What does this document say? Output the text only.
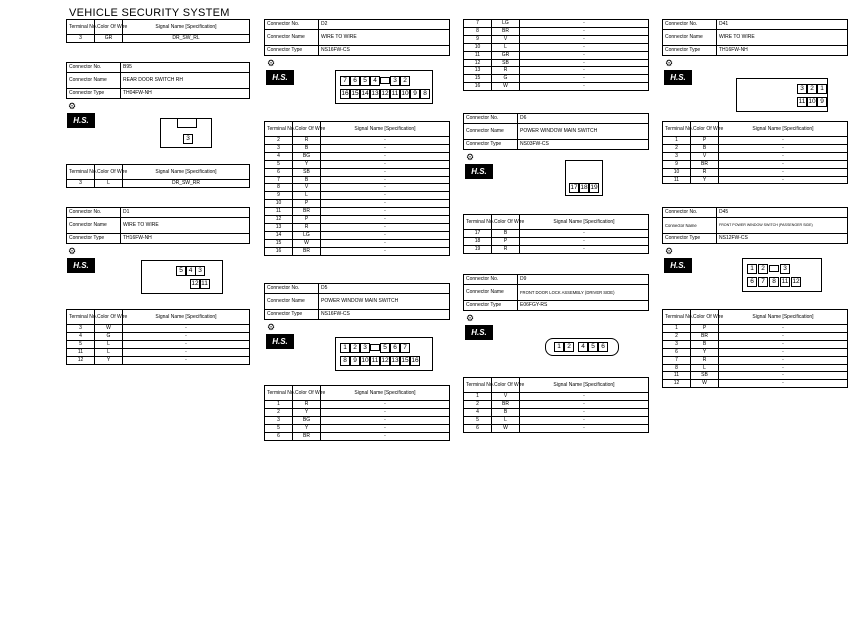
VEHICLE SECURITY SYSTEM
Terminal No.	Color Of Wire	Signal Name [Specification]
3	GR	DR_SW_RL
Connector No.	B95
Connector Name	REAR DOOR SWITCH RH
Connector Type	TH04FW-NH
⚙
H.S.
3
Terminal No.	Color Of Wire	Signal Name [Specification]
3	L	DR_SW_RR
Connector No.	D1
Connector Name	WIRE TO WIRE
Connector Type	TH16FW-NH
⚙
H.S.
5 4 3
12 11
Terminal No.	Color Of Wire	Signal Name [Specification]
3	W	-
4	G	-
5	L	-
11	L	-
12	Y	-
Connector No.	D2
Connector Name	WIRE TO WIRE
Connector Type	NS16FW-CS
⚙
H.S.	7 6 5 4	3 2
16 15 14 13 12 11 10 9 8
Terminal No.	Color Of Wire	Signal Name [Specification]
2	R	-
3	B	-
4	BG	-
5	Y	-
6	SB	-
7	B	-
8	V	-
9	L	-
10	P	-
11	BR	-
12	P	-
13	R	-
14	LG	-
15	W	-
16	BR	-
Connector No.	D5
Connector Name	POWER WINDOW MAIN SWITCH
Connector Type	NS16FW-CS
⚙
H.S.
1 2 3	5 6 7
8 9 10 11 12 13 15 16
Terminal No.	Color Of Wire	Signal Name [Specification]
1	R	-
2	Y	-
3	BG	-
5	Y	-
6	BR	-
7	LG	-
8	BR	-
9	V	-
10	L	-
11	GR	-
12	SB	-
13	R	-
15	G	-
16	W	-
Connector No.	D6
Connector Name	POWER WINDOW MAIN SWITCH
Connector Type	NS03FW-CS
⚙
H.S.
17 18 19
Terminal No.	Color Of Wire	Signal Name [Specification]
17	B	-
18	P	-
19	R	-
Connector No.	D9
Connector Name	FRONT DOOR LOCK ASSEMBLY (DRIVER SIDE)
Connector Type	E06FGY-RS
⚙
H.S.
1 2	4 5 6
Terminal No.	Color Of Wire	Signal Name [Specification]
1	V	-
2	BR	-
4	B	-
5	L	-
6	W	-
Connector No.	D41
Connector Name	WIRE TO WIRE
Connector Type	TH16FW-NH
⚙
H.S.
3 2 1
11 10 9
Terminal No.	Color Of Wire	Signal Name [Specification]
1	P	-
2	B	-
3	V	-
9	BR	-
10	R	-
11	Y	-
Connector No.	D45
Connector Name	FRONT POWER WINDOW SWITCH (PASSENGER SIDE)
Connector Type	NS12FW-CS
⚙
H.S.	1	2	3
6	7	8 11 12
Terminal No.	Color Of Wire	Signal Name [Specification]
1	P	-
2	BR	-
3	B	-
6	Y	-
7	R	-
8	L	-
11	SB	-
12	W	-
